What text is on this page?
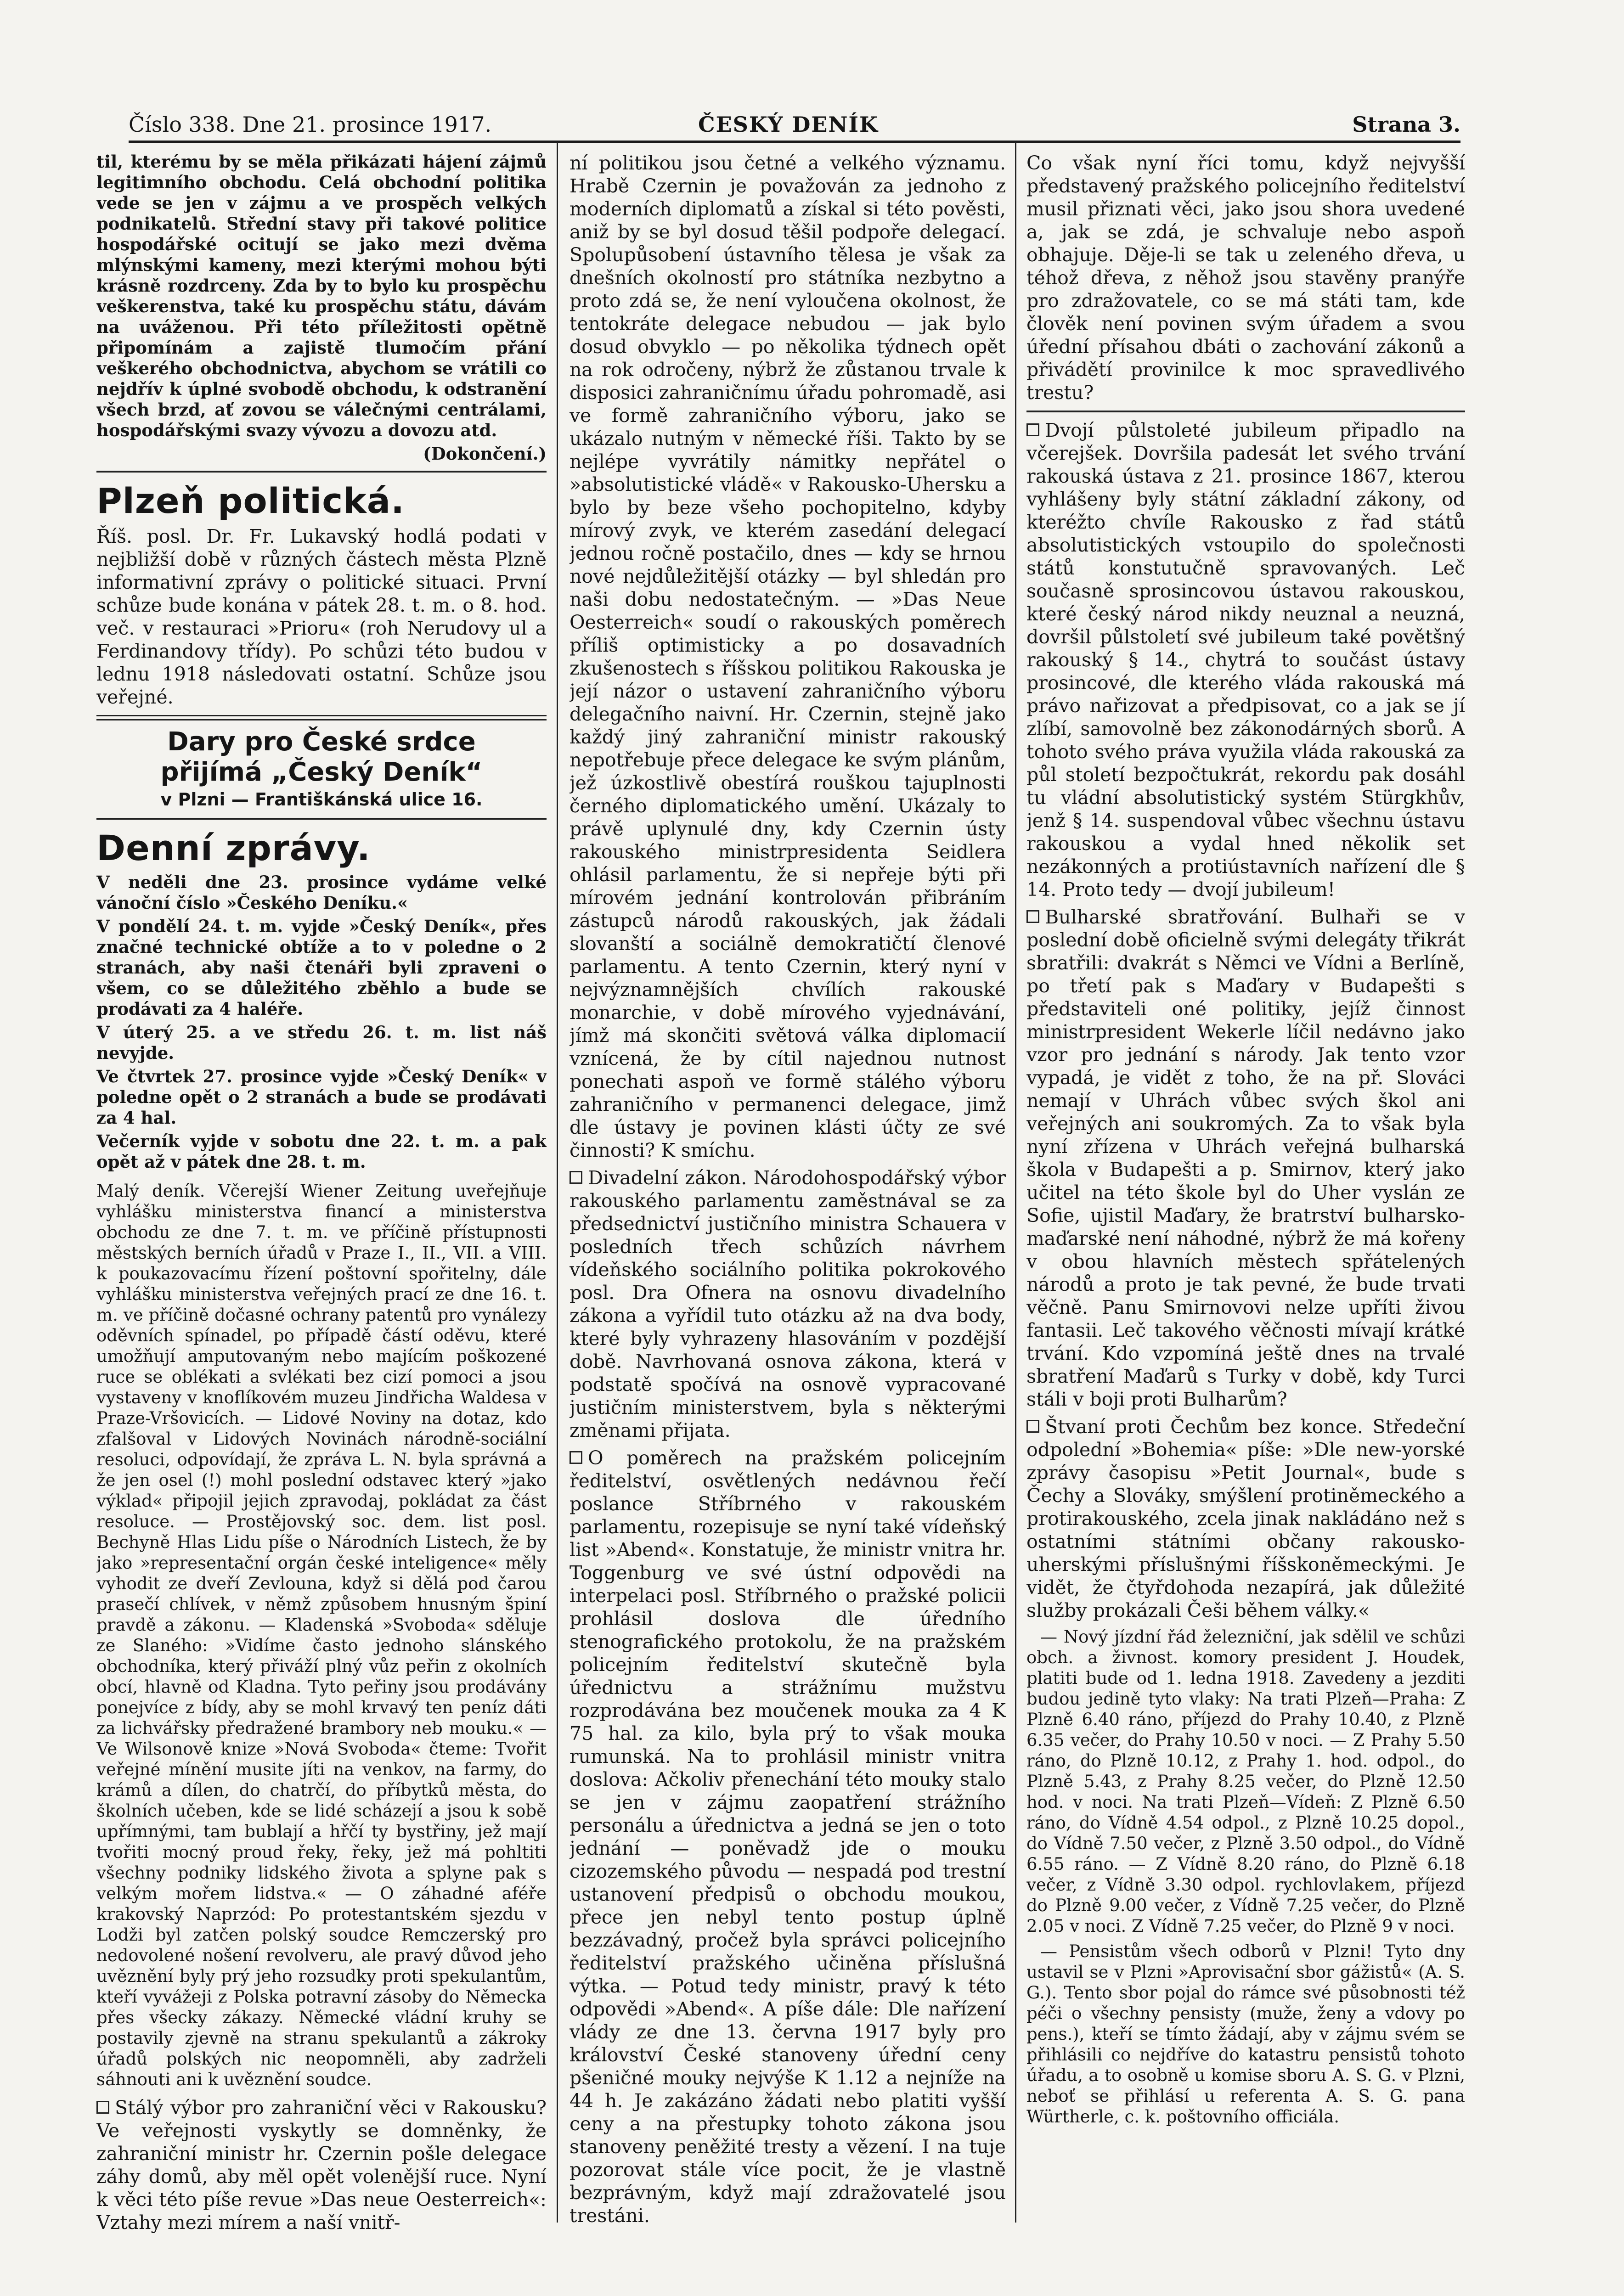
Číslo 338. Dne 21. prosince 1917.	ČESKÝ DENÍK	Strana 3.

til, kterému by se měla přikázati hájení zájmů legitimního obchodu. Celá obchodní politika vede se jen v zájmu a ve prospěch velkých podnikatelů. Střední stavy při takové politice hospodářské ocitují se jako mezi dvěma mlýnskými kameny, mezi kterými mohou býti krásně rozdrceny. Zda by to bylo ku prospěchu veškerenstva, také ku prospěchu státu, dávám na uváženou. Při této příležitosti opětně připomínám a zajistě tlumočím přání veškerého obchodnictva, abychom se vrátili co nejdřív k úplné svobodě obchodu, k odstranění všech brzd, ať zovou se válečnými centrálami, hospodářskými svazy vývozu a dovozu atd.

(Dokončení.)

Plzeň politická.

Říš. posl. Dr. Fr. Lukavský hodlá podati v nejbližší době v různých částech města Plzně informativní zprávy o politické situaci. První schůze bude konána v pátek 28. t. m. o 8. hod. več. v restauraci »Prioru« (roh Nerudovy ul a Ferdinandovy třídy). Po schůzi této budou v lednu 1918 následovati ostatní. Schůze jsou veřejné.

Dary pro České srdce
přijímá „Český Deník“
v Plzni — Františkánská ulice 16.
Denní zprávy.

V neděli dne 23. prosince vydáme velké vánoční číslo »Českého Deníku.«

V pondělí 24. t. m. vyjde »Český Deník«, přes značné technické obtíže a to v poledne o 2 stranách, aby naši čtenáři byli zpraveni o všem, co se důležitého zběhlo a bude se prodávati za 4 haléře.

V úterý 25. a ve středu 26. t. m. list náš nevyjde.

Ve čtvrtek 27. prosince vyjde »Český Deník« v poledne opět o 2 stranách a bude se prodávati za 4 hal.

Večerník vyjde v sobotu dne 22. t. m. a pak opět až v pátek dne 28. t. m.

Malý deník. Včerejší Wiener Zeitung uveřejňuje vyhlášku ministerstva financí a ministerstva obchodu ze dne 7. t. m. ve příčině přístupnosti městských berních úřadů v Praze I., II., VII. a VIII. k poukazovacímu řízení poštovní spořitelny, dále vyhlášku ministerstva veřejných prací ze dne 16. t. m. ve příčině dočasné ochrany patentů pro vynálezy oděvních spínadel, po případě částí oděvu, které umožňují amputovaným nebo majícím poškozené ruce se oblékati a svlékati bez cizí pomoci a jsou vystaveny v knoflíkovém muzeu Jindřicha Waldesa v Praze-Vršovicích. — Lidové Noviny na dotaz, kdo zfalšoval v Lidových Novinách národně-sociální resoluci, odpovídají, že zpráva L. N. byla správná a že jen osel (!) mohl poslední odstavec který »jako výklad« připojil jejich zpravodaj, pokládat za část resoluce. — Prostějovský soc. dem. list posl. Bechyně Hlas Lidu píše o Národních Listech, že by jako »representační orgán české inteligence« měly vyhodit ze dveří Zevlouna, když si dělá pod čarou prasečí chlívek, v němž způsobem hnusným špiní pravdě a zákonu. — Kladenská »Svoboda« sděluje ze Slaného: »Vidíme často jednoho slánského obchodníka, který přiváží plný vůz peřin z okolních obcí, hlavně od Kladna. Tyto peřiny jsou prodávány ponejvíce z bídy, aby se mohl krvavý ten peníz dáti za lichvářsky předražené brambory neb mouku.« — Ve Wilsonově knize »Nová Svoboda« čteme: Tvořit veřejné mínění musite jíti na venkov, na farmy, do krámů a dílen, do chatrčí, do příbytků města, do školních učeben, kde se lidé scházejí a jsou k sobě upřímnými, tam bublají a hřčí ty bystřiny, jež mají tvořiti mocný proud řeky, řeky, jež má pohltiti všechny podniky lidského života a splyne pak s velkým mořem lidstva.« — O záhadné aféře krakovský Naprzód: Po protestantském sjezdu v Lodži byl zatčen polský soudce Remczerský pro nedovolené nošení revolveru, ale pravý důvod jeho uvěznění byly prý jeho rozsudky proti spekulantům, kteří vyvážeji z Polska potravní zásoby do Německa přes všecky zákazy. Německé vládní kruhy se postavily zjevně na stranu spekulantů a zákroky úřadů polských nic neopomněli, aby zadrželi sáhnouti ani k uvěznění soudce.

Stálý výbor pro zahraniční věci v Rakousku? Ve veřejnosti vyskytly se domněnky, že zahraniční ministr hr. Czernin pošle delegace záhy domů, aby měl opět volenější ruce. Nyní k věci této píše revue »Das neue Oesterreich«: Vztahy mezi mírem a naší vnitř-

ní politikou jsou četné a velkého významu. Hrabě Czernin je považován za jednoho z moderních diplomatů a získal si této pověsti, aniž by se byl dosud těšil podpoře delegací. Spolupůsobení ústavního tělesa je však za dnešních okolností pro státníka nezbytno a proto zdá se, že není vyloučena okolnost, že tentokráte delegace nebudou — jak bylo dosud obvyklo — po několika týdnech opět na rok odročeny, nýbrž že zůstanou trvale k disposici zahraničnímu úřadu pohromadě, asi ve formě zahraničního výboru, jako se ukázalo nutným v německé říši. Takto by se nejlépe vyvrátily námitky nepřátel o »absolutistické vládě« v Rakousko-Uhersku a bylo by beze všeho pochopitelno, kdyby mírový zvyk, ve kterém zasedání delegací jednou ročně postačilo, dnes — kdy se hrnou nové nejdůležitější otázky — byl shledán pro naši dobu nedostatečným. — »Das Neue Oesterreich« soudí o rakouských poměrech příliš optimisticky a po dosavadních zkušenostech s říšskou politikou Rakouska je její názor o ustavení zahraničního výboru delegačního naivní. Hr. Czernin, stejně jako každý jiný zahraniční ministr rakouský nepotřebuje přece delegace ke svým plánům, jež úzkostlivě obestírá rouškou tajuplnosti černého diplomatického umění. Ukázaly to právě uplynulé dny, kdy Czernin ústy rakouského ministrpresidenta Seidlera ohlásil parlamentu, že si nepřeje býti při mírovém jednání kontrolován přibráním zástupců národů rakouských, jak žádali slovanští a sociálně demokratičtí členové parlamentu. A tento Czernin, který nyní v nejvýznamnějších chvílích rakouské monarchie, v době mírového vyjednávání, jímž má skončiti světová válka diplomacií vznícená, že by cítil najednou nutnost ponechati aspoň ve formě stálého výboru zahraničního v permanenci delegace, jimž dle ústavy je povinen klásti účty ze své činnosti? K smíchu.

Divadelní zákon. Národohospodářský výbor rakouského parlamentu zaměstnával se za předsednictví justičního ministra Schauera v posledních třech schůzích návrhem vídeňského sociálního politika pokrokového posl. Dra Ofnera na osnovu divadelního zákona a vyřídil tuto otázku až na dva body, které byly vyhrazeny hlasováním v pozdější době. Navrhovaná osnova zákona, která v podstatě spočívá na osnově vypracované justičním ministerstvem, byla s některými změnami přijata.

O poměrech na pražském policejním ředitelství, osvětlených nedávnou řečí poslance Stříbrného v rakouském parlamentu, rozepisuje se nyní také vídeňský list »Abend«. Konstatuje, že ministr vnitra hr. Toggenburg ve své ústní odpovědi na interpelaci posl. Stříbrného o pražské policii prohlásil doslova dle úředního stenografického protokolu, že na pražském policejním ředitelství skutečně byla úřednictvu a strážnímu mužstvu rozprodávána bez moučenek mouka za 4 K 75 hal. za kilo, byla prý to však mouka rumunská. Na to prohlásil ministr vnitra doslova: Ačkoliv přenechání této mouky stalo se jen v zájmu zaopatření strážního personálu a úřednictva a jedná se jen o toto jednání — poněvadž jde o mouku cizozemského původu — nespadá pod trestní ustanovení předpisů o obchodu moukou, přece jen nebyl tento postup úplně bezzávadný, pročež byla správci policejního ředitelství pražského učiněna příslušná výtka. — Potud tedy ministr, pravý k této odpovědi »Abend«. A píše dále: Dle nařízení vlády ze dne 13. června 1917 byly pro království České stanoveny úřední ceny pšeničné mouky nejvýše K 1.12 a nejníže na 44 h. Je zakázáno žádati nebo platiti vyšší ceny a na přestupky tohoto zákona jsou stanoveny peněžité tresty a vězení. I na tuje pozorovat stále více pocit, že je vlastně bezprávným, když mají zdražovatelé jsou trestáni.

Co však nyní říci tomu, když nejvyšší představený pražského policejního ředitelství musil přiznati věci, jako jsou shora uvedené a, jak se zdá, je schvaluje nebo aspoň obhajuje. Děje-li se tak u zeleného dřeva, u téhož dřeva, z něhož jsou stavěny pranýře pro zdražovatele, co se má státi tam, kde člověk není povinen svým úřadem a svou úřední přísahou dbáti o zachování zákonů a přivádětí provinilce k moc spravedlivého trestu?

Dvojí půlstoleté jubileum připadlo na včerejšek. Dovršila padesát let svého trvání rakouská ústava z 21. prosince 1867, kterou vyhlášeny byly státní základní zákony, od kteréžto chvíle Rakousko z řad států absolutistických vstoupilo do společnosti států konstutučně spravovaných. Leč současně sprosincovou ústavou rakouskou, které český národ nikdy neuznal a neuzná, dovršil půlstoletí své jubileum také povětšný rakouský § 14., chytrá to součást ústavy prosincové, dle kterého vláda rakouská má právo nařizovat a předpisovat, co a jak se jí zlíbí, samovolně bez zákonodárných sborů. A tohoto svého práva využila vláda rakouská za půl století bezpočtukrát, rekordu pak dosáhl tu vládní absolutistický systém Stürgkhův, jenž § 14. suspendoval vůbec všechnu ústavu rakouskou a vydal hned několik set nezákonných a protiústavních nařízení dle § 14. Proto tedy — dvojí jubileum!

Bulharské sbratřování. Bulhaři se v poslední době oficielně svými delegáty třikrát sbratřili: dvakrát s Němci ve Vídni a Berlíně, po třetí pak s Maďary v Budapešti s představiteli oné politiky, jejíž činnost ministrpresident Wekerle líčil nedávno jako vzor pro jednání s národy. Jak tento vzor vypadá, je vidět z toho, že na př. Slováci nemají v Uhrách vůbec svých škol ani veřejných ani soukromých. Za to však byla nyní zřízena v Uhrách veřejná bulharská škola v Budapešti a p. Smirnov, který jako učitel na této škole byl do Uher vyslán ze Sofie, ujistil Maďary, že bratrství bulharsko-maďarské není náhodné, nýbrž že má kořeny v obou hlavních městech spřátelených národů a proto je tak pevné, že bude trvati věčně. Panu Smirnovovi nelze upříti živou fantasii. Leč takového věčnosti mívají krátké trvání. Kdo vzpomíná ještě dnes na trvalé sbratření Maďarů s Turky v době, kdy Turci stáli v boji proti Bulharům?

Štvaní proti Čechům bez konce. Středeční odpolední »Bohemia« píše: »Dle new-yorské zprávy časopisu »Petit Journal«, bude s Čechy a Slováky, smýšlení protiněmeckého a protirakouského, zcela jinak nakládáno než s ostatními státními občany rakousko-uherskými příslušnými říšskoněmeckými. Je vidět, že čtyřdohoda nezapírá, jak důležité služby prokázali Češi během války.«

— Nový jízdní řád železniční, jak sdělil ve schůzi obch. a živnost. komory president J. Houdek, platiti bude od 1. ledna 1918. Zavedeny a jezditi budou jedině tyto vlaky: Na trati Plzeň—Praha: Z Plzně 6.40 ráno, příjezd do Prahy 10.40, z Plzně 6.35 večer, do Prahy 10.50 v noci. — Z Prahy 5.50 ráno, do Plzně 10.12, z Prahy 1. hod. odpol., do Plzně 5.43, z Prahy 8.25 večer, do Plzně 12.50 hod. v noci. Na trati Plzeň—Vídeň: Z Plzně 6.50 ráno, do Vídně 4.54 odpol., z Plzně 10.25 dopol., do Vídně 7.50 večer, z Plzně 3.50 odpol., do Vídně 6.55 ráno. — Z Vídně 8.20 ráno, do Plzně 6.18 večer, z Vídně 3.30 odpol. rychlovlakem, příjezd do Plzně 9.00 večer, z Vídně 7.25 večer, do Plzně 2.05 v noci. Z Vídně 7.25 večer, do Plzně 9 v noci.

— Pensistům všech odborů v Plzni! Tyto dny ustavil se v Plzni »Aprovisační sbor gážistů« (A. S. G.). Tento sbor pojal do rámce své působnosti též péči o všechny pensisty (muže, ženy a vdovy po pens.), kteří se tímto žádají, aby v zájmu svém se přihlásili co nejdříve do katastru pensistů tohoto úřadu, a to osobně u komise sboru A. S. G. v Plzni, neboť se přihlásí u referenta A. S. G. pana Würtherle, c. k. poštovního officiála.
